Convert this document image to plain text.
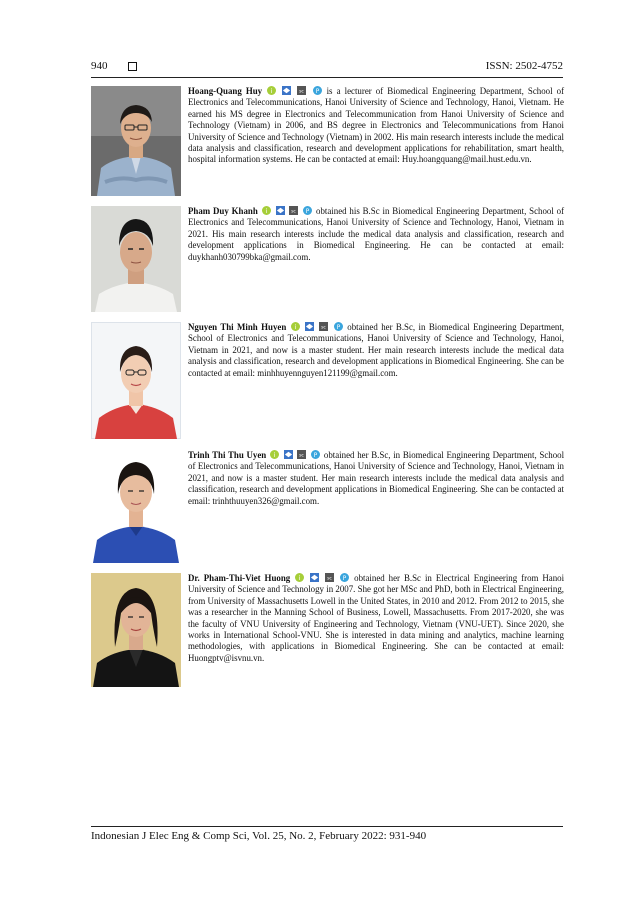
940	ISSN: 2502-4752
Hoang-Quang Huy i
	sc
P is a lecturer of Biomedical Engineering Department, School of Electronics and Telecommunications, Hanoi University of Science and Technology, Hanoi, Vietnam. He earned his MS degree in Electronics and Telecommunication from Hanoi University of Science and Technology (Vietnam) in 2006, and BS degree in Electronics and Telecommunications from Hanoi University of Science and Technology (Vietnam) in 2002. His main research interests include the medical data analysis and classification, research and development applications for rehabilitation, smart health, hospital information systems. He can be contacted at email: Huy.hoangquang@mail.hust.edu.vn.
Pham Duy Khanh i
	sc
P obtained his B.Sc in Biomedical Engineering Department, School of Electronics and Telecommunications, Hanoi University of Science and Technology, Hanoi, Vietnam in 2021. His main research interests include the medical data analysis and classification, research and development applications in Biomedical Engineering. He can be contacted at email: duykhanh030799bka@gmail.com.
Nguyen Thi Minh Huyen i
	sc
P obtained her B.Sc, in Biomedical Engineering Department, School of Electronics and Telecommunications, Hanoi University of Science and Technology, Hanoi, Vietnam in 2021, and now is a master student. Her main research interests include the medical data analysis and classification, research and development applications in Biomedical Engineering. She can be contacted at email: minhhuyennguyen121199@gmail.com.
Trinh Thi Thu Uyen i
	sc
P obtained her B.Sc, in Biomedical Engineering Department, School of Electronics and Telecommunications, Hanoi University of Science and Technology, Hanoi, Vietnam in 2021, and now is a master student. Her main research interests include the medical data analysis and classification, research and development applications in Biomedical Engineering. She can be contacted at email: trinhthuuyen326@gmail.com.
Dr. Pham-Thi-Viet Huong i
	sc
P obtained her B.Sc in Electrical Engineering from Hanoi University of Science and Technology in 2007. She got her MSc and PhD, both in Electrical Engineering, from University of Massachusetts Lowell in the United States, in 2010 and 2012. From 2012 to 2015, she was a researcher in the Manning School of Business, Lowell, Massachusetts. From 2017-2020, she was the faculty of VNU University of Engineering and Technology, Vietnam (VNU-UET). Since 2020, she works in International School-VNU. She is interested in data mining and analytics, machine learning methodologies, with applications in Biomedical Engineering. She can be contacted at email: Huongptv@isvnu.vn.
Indonesian J Elec Eng & Comp Sci, Vol. 25, No. 2, February 2022: 931-940
